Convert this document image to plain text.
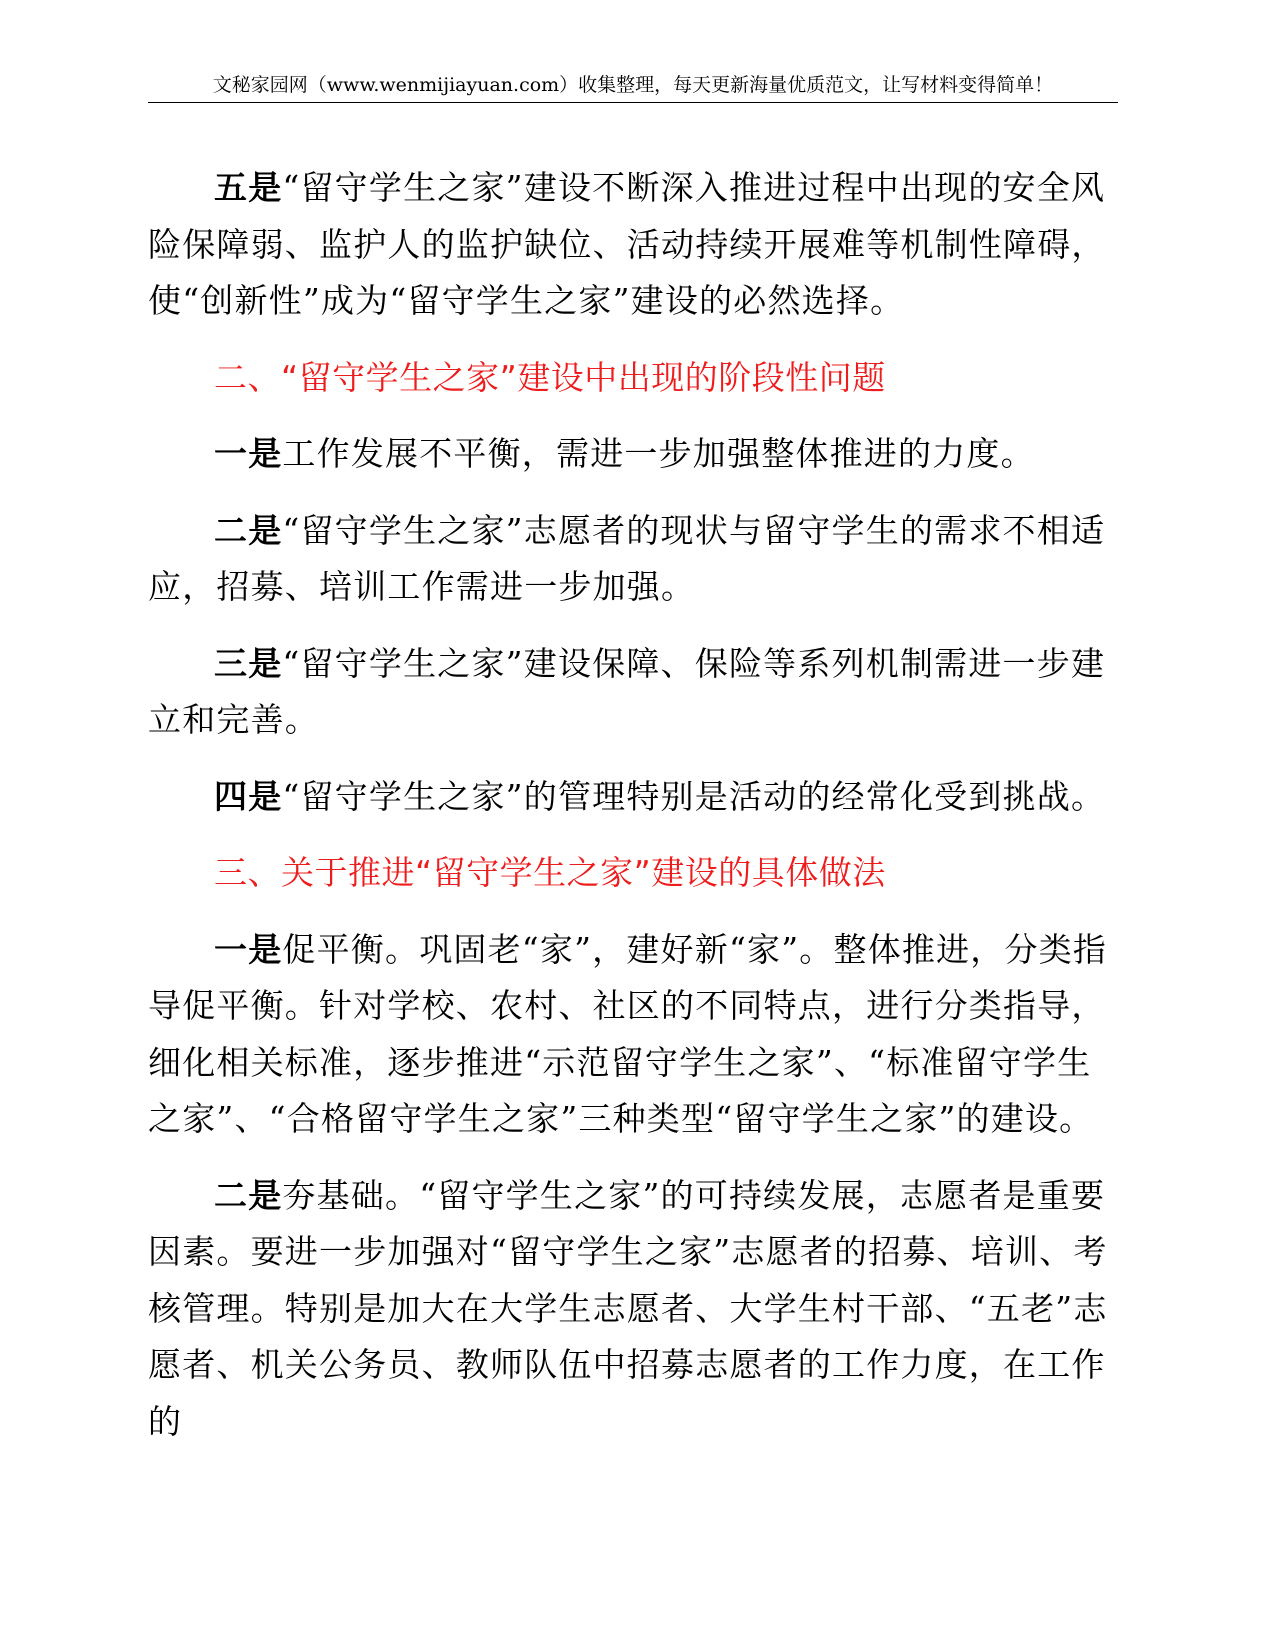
文秘家园网（www.wenmijiayuan.com）收集整理，每天更新海量优质范文，让写材料变得简单！

五是“留守学生之家”建设不断深入推进过程中出现的安全风险保障弱、监护人的监护缺位、活动持续开展难等机制性障碍，使“创新性”成为“留守学生之家”建设的必然选择。

二、“留守学生之家”建设中出现的阶段性问题

一是工作发展不平衡，需进一步加强整体推进的力度。

二是“留守学生之家”志愿者的现状与留守学生的需求不相适应，招募、培训工作需进一步加强。

三是“留守学生之家”建设保障、保险等系列机制需进一步建立和完善。

四是“留守学生之家”的管理特别是活动的经常化受到挑战。

三、关于推进“留守学生之家”建设的具体做法

一是促平衡。巩固老“家”，建好新“家”。整体推进，分类指导促平衡。针对学校、农村、社区的不同特点，进行分类指导，细化相关标准，逐步推进“示范留守学生之家”、“标准留守学生之家”、“合格留守学生之家”三种类型“留守学生之家”的建设。

二是夯基础。“留守学生之家”的可持续发展，志愿者是重要因素。要进一步加强对“留守学生之家”志愿者的招募、培训、考核管理。特别是加大在大学生志愿者、大学生村干部、“五老”志愿者、机关公务员、教师队伍中招募志愿者的工作力度，在工作的
